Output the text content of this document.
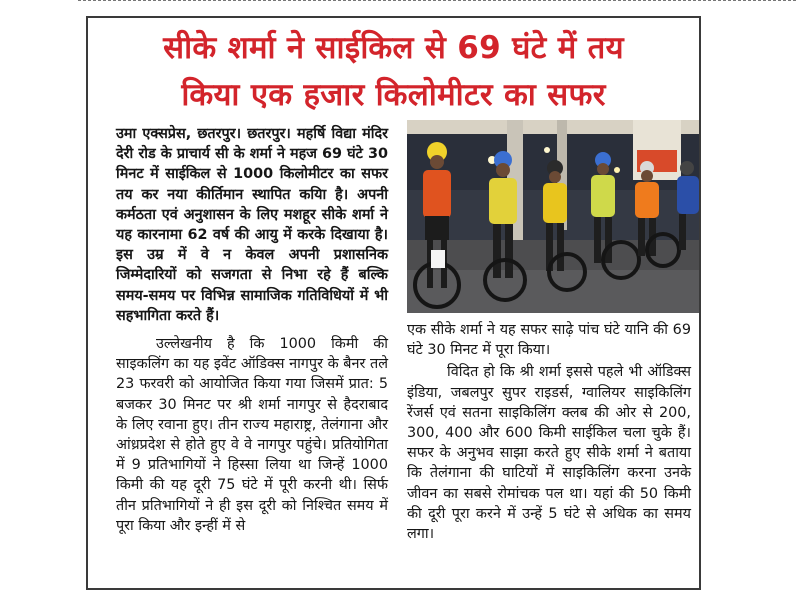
सीके शर्मा ने साईकिल से 69 घंटे में तय
किया एक हजार किलोमीटर का सफर

उमा एक्सप्रेस, छतरपुर। छतरपुर। महर्षि विद्या मंदिर देरी रोड के प्राचार्य सी के शर्मा ने महज 69 घंटे 30 मिनट में साईकिल से 1000 किलोमीटर का सफर तय कर नया कीर्तिमान स्थापित कयिा है। अपनी कर्मठता एवं अनुशासन के लिए मशहूर सीके शर्मा ने यह कारनामा 62 वर्ष की आयु में करके दिखाया है। इस उम्र में वे न केवल अपनी प्रशासनिक जिम्मेदारियों को सजगता से निभा रहे हैं बल्कि समय-समय पर विभिन्न सामाजिक गतिविधियों में भी सहभागिता करते हैं।

उल्लेखनीय है कि 1000 किमी की साइकलिंग का यह इवेंट ऑडिक्स नागपुर के बैनर तले 23 फरवरी को आयोजित किया गया जिसमें प्रात: 5 बजकर 30 मिनट पर श्री शर्मा नागपुर से हैदराबाद के लिए रवाना हुए। तीन राज्य महाराष्ट्र, तेलंगाना और आंध्रप्रदेश से होते हुए वे वे नागपुर पहुंचे। प्रतियोगिता में 9 प्रतिभागियों ने हिस्सा लिया था जिन्हें 1000 किमी की यह दूरी 75 घंटे में पूरी करनी थी। सिर्फ तीन प्रतिभागियों ने ही इस दूरी को निश्चित समय में पूरा किया और इन्हीं में से

एक सीके शर्मा ने यह सफर साढ़े पांच घंटे यानि की 69 घंटे 30 मिनट में पूरा किया।

विदित हो कि श्री शर्मा इससे पहले भी ऑडिक्स इंडिया, जबलपुर सुपर राइडर्स, ग्वालियर साइकिलिंग रेंजर्स एवं सतना साइकिलिंग क्लब की ओर से 200, 300, 400 और 600 किमी साईकिल चला चुके हैं। सफर के अनुभव साझा करते हुए सीके शर्मा ने बताया कि तेलंगाना की घाटियों में साइकिलिंग करना उनके जीवन का सबसे रोमांचक पल था। यहां की 50 किमी की दूरी पूरा करने में उन्हें 5 घंटे से अधिक का समय लगा।
